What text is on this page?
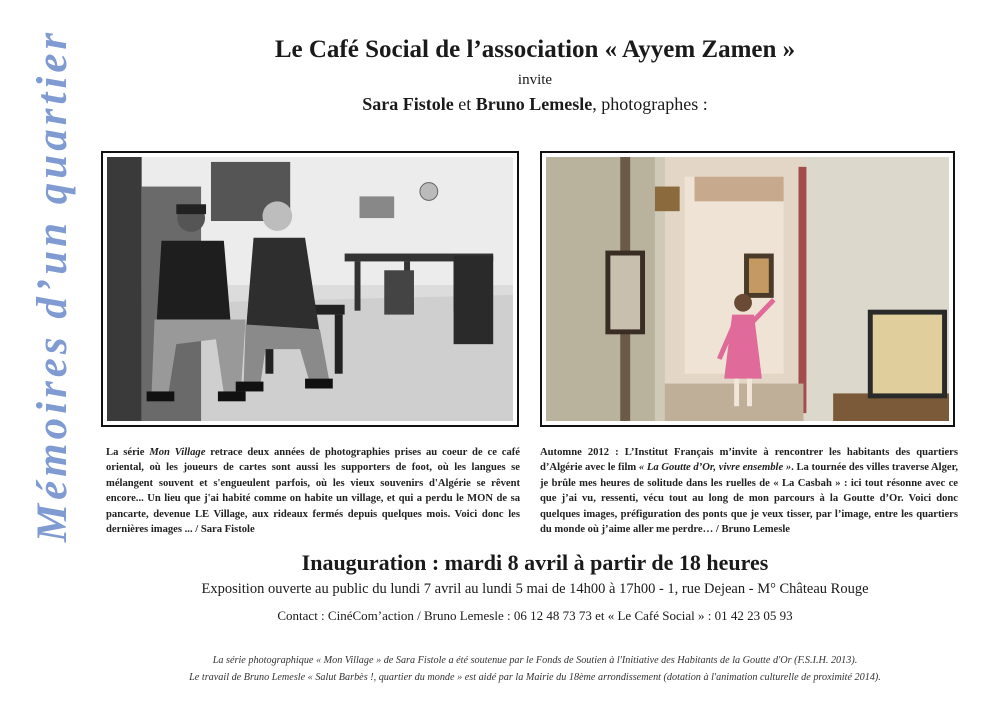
Mémoires d’un quartier	Le Café Social de l’association « Ayyem Zamen »
invite
Sara Fistole et Bruno Lemesle, photographes :
La série Mon Village retrace deux années de photographies prises au coeur de ce café oriental, où les joueurs de cartes sont aussi les supporters de foot, où les langues se mélangent souvent et s'engueulent parfois, où les vieux souvenirs d'Algérie se rêvent encore... Un lieu que j'ai habité comme on habite un village, et qui a perdu le MON de sa pancarte, devenue LE Village, aux rideaux fermés depuis quelques mois. Voici donc les dernières images ... / Sara Fistole
Automne 2012 : L’Institut Français m’invite à rencontrer les habitants des quartiers d’Algérie avec le film « La Goutte d’Or, vivre ensemble ». La tournée des villes traverse Alger, je brûle mes heures de solitude dans les ruelles de « La Casbah » : ici tout résonne avec ce que j’ai vu, ressenti, vécu tout au long de mon parcours à la Goutte d’Or. Voici donc quelques images, préfiguration des ponts que je veux tisser, par l’image, entre les quartiers du monde où j’aime aller me perdre… / Bruno Lemesle
Inauguration : mardi 8 avril à partir de 18 heures
Exposition ouverte au public du lundi 7 avril au lundi 5 mai de 14h00 à 17h00 - 1, rue Dejean - M° Château Rouge
Contact : CinéCom’action / Bruno Lemesle : 06 12 48 73 73 et « Le Café Social » : 01 42 23 05 93
La série photographique « Mon Village » de Sara Fistole a été soutenue par le Fonds de Soutien à l'Initiative des Habitants de la Goutte d'Or (F.S.I.H. 2013).
Le travail de Bruno Lemesle « Salut Barbès !, quartier du monde » est aidé par la Mairie du 18ème arrondissement (dotation à l'animation culturelle de proximité 2014).
